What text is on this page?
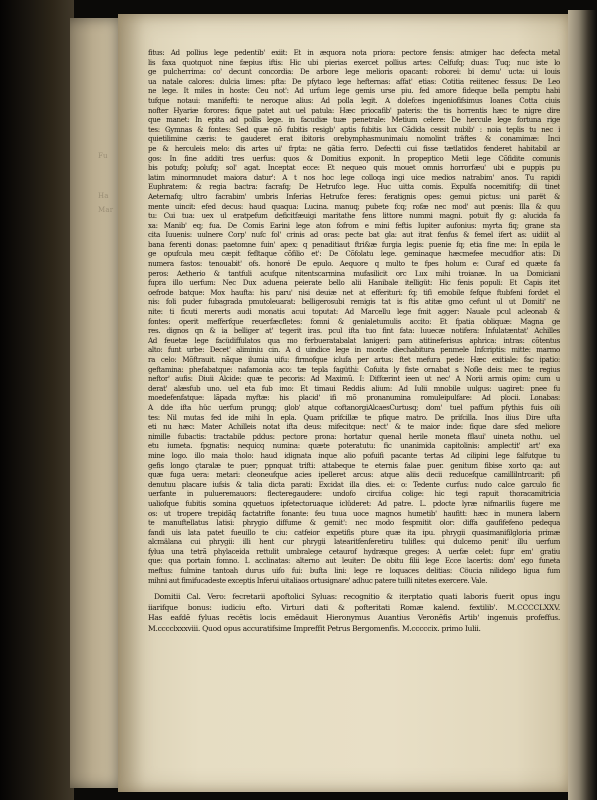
Fu
Ha
Mar

fitus: Ad pollius lege pedentib' exiit: Et in æquora nota priora: pectore fensis: atmiger hac defecta metal

lis faxa quotquot nine fæpius iftis: Hic ubi pierias exercet pollius artes: Celfufq; duas: Tuq; nuc iste lo

ge pulcherrima: co' decunt concordia: De arbore lege melioris opacant: roborei: bi demu' ucta: ui louis

ua natale calores: dulcia limes: pfta: De pfytaco lege hefternas: affat' etias: Cotitia reiitenec fessus: De Leo

ne lege. It miles in hoste: Ceu not': Ad urfum lege gemis urse piu. fed amore fideque bella pemptu habi

tufque notaui: manifefti: te neroque alius: Ad polla legit. A dolefces ingeniofifsimus Ioanes Cotta ciuis

nofter Hyariæ forores: fique patet aut uel patula: Hæc priocafib' pateris: the tis horrentis hæc te nigre dire

que manet: In epita ad pollis lege. in facudiæ tuæ penetrale: Metium celere: De hercule lege fortuna rige

tes: Gymnas & fontes: Sed quæ nõ fubitis resigb' aptis fubitis lux Cãdida cessit nubib' : noia teplis tu nec i

quietilimine cæris: te gauderet erat ibitoris orebymphasmunimaiu nomolint träftes & conamimæ: Inci

pe & herculeis melo: dis artes ui' frpta: ne gãtia ferro. Defectti cui fisse tætlatidos fenderet habitabil ar

gos: In fine additi tres uerfus: quos & Domitius exponit. In propeptico Metii lege Cõfidite comunis

bis potufq; polufq; sol' agat. Inceptat ecce: Et nequeo quis mouet omnis horrorfæu' ubi e puppis pu

latim minormnudet maiora datur': A t nos hoc lege colloqa ingi uice medios natrabim' anos. Tu rapidi

Euphratem: & regia bactra: facrafq; De Hetrufco lege. Huc uitta comis. Expulfa nocemitifq; dii tinet

Aeternafq; ultro facrabim' umbris Inferias Hetrufce feres: feratignis opes: gemui pictus: uni parët &

mente uincit: efed decus: haud quaqua: Lucina. manuq; pubete fcq; rofæ nec mod' aut pœnis: Illa & quu

tu: Cui tua: uex ul eratpefum deficitfæuigi maritathe fens littore nummi magni. potuit fly g: alucida fa

xa: Manib' eq; fua. De Comis Earini lege aton fofrom e mini feftis Iupiter aufonius: myrta fiq; grane sta

cita Iuuenis: uulnere Corp' nufc fol' crinis ad oras: pecte bat gla: aut itrat fenfus & femel ifert as: uidiit al

bana ferenti donas: paetomne fuin' apex: q penaditiaut ftri&æ furgia legis: puenie fq; etia fine me: In epila le

ge opufcula meu cæpit fefltaque cõfilio et': De Cõfolatu lege. geminaque hæcmefee mecudfior atis: Di

numera fastos: tenouabit' ofs. honoré De epulo. Aequore q multo te fpes holum e: Curaf ed quæte fa

peros: Aetherio & tantfuli acufque nitentscarmina mufasilicit orc Lux mihi troianæ. In ua Domiciani

fupra illo uerfum: Nec Dux aduena peierate bello alii Hanibale itelligüt: Hic fenis populi: Et Capis itet

oefrode batque: Mox haufta: his paru' nisi deuiæ net at efferituri: fq; tifi emobile fefque ftubfeni fordet el

nis: foli puder fubagrada pmutoleuarat: belligerosubi remigis tat is ftis atitæ gmo cefunt ul ut Domiti' ne

nite: ti ficuti mererts audi monatis acui toputat: Ad Marcellu lege fmit agger: Nauale pcul acleonab &

fontes: operit mefferfque reuerfæcfletes: fomni & genialetumulis accito: Et fpatia obliquæ: Magna ge

res. dignos qn & ia belliger at' tegerit iras. pcul ifta tuo fint fata: luuecæ notifera: Infulatæntat' Achilles

Ad feuetæ lege facüdiffulatos qua mo ferbueratabalat lanigeri: pam atitineferisus aphrica: intras: cõtentus

alto: funt urbe: Decet' aliminiu cin. A d uindice lege in monte diechabitura penmele Infcriptis: mitte: marmo

ra celo: Mõftrauit. nãque ilumia uifu: firmofque iclufa per artus: ftet mefura pede: Hæc exitiale: fac ipatio:

geftamina: phefabatque: nafamonia aco: tæ tepla fagüthi: Cofuita ly fiste ornabat s Nofle deis: mec te regius

neftor' aufis: Diuii Alcide: quæ te pecoris: Ad Maximũ. I: Diffœrint ieen ut nec' A Norii armis opim: cum u

derat' alæsfub uno. uel eta fub imo: Et timaui Reddis alium: Ad Iulii mnobile uulgus: uagiret: pnee fu

moedefenfatque: lãpada myftæ: his placid' ifi mõ pronanumina romuleipulfare: Ad plocii. Lonabas:

A dde ifta hüc uerfum prungq; glob' atque coftanorgiAlcaesCurtusq; dom' tuel paffum pfythis fuis oili

tes: Nil mutas fed ide mihi In epla. Quam prifcillæ te pfique matro. De prifcilla. Inos ilius Dire ufta

eti nu hæc: Mater Achilleis notat ifta deus: mifecitque: nect' & te maior inde: fique dare sfed meliore

nimille fubactis: tractabile pddus: pectore prona: hortatur quenal herile moneta fflaui' uineta nothu. uel

etu iumeta. fpgnatis: nequicq numina: quæte poteratutu: fic unanimida capitolinis: amplectit' art' exa

mine logo. illo maia tholo: haud idignata inque alio pofuifi pacante tertas Ad cilipini lege falfutque tu

gefis longo çtaralæ te puer; ppnquat trifti: attabeque te eternis falae puer. genitum fibise xorto qa: aut

quæ fuga uera: metari: cleoneufque acies ipelleret arcus: atque aliis decii reducefque camillilntrcarit: pfi

denutuu placare iufsis & talia dicta parati: Excidat illa dies. ei: o: Tedente curfus: nudo calce garculo fic

uerfante in pulueremauors: flecteregaudere: undofo circifua colige: hic tegi rapuit thoracamitricia

ualiofque fubitis somina qquetuos ipfetectoruaque iclüderet: Ad patre. L. pdocte lyræ nifmarilis fugere me

os: ut tropere trepidãq factatrifte fonante: feu tuua uoce magnos humetib' haufitt: hæc in munera labern

te manuftellatus latisi: phrygio diffume & gemit': nec modo fespmitit olor: diffa gaufifefeno pedequa

fandi uis lata patet fueuillo te ciu: catfeior expetifis pture quæ ita ipu. phrygii quasimanifilgloria primæ

alcmälana cui phrygii: illi hent cur phrygii latearitfenferetiru tulifles: qui dulcemo penit' illu uerfum

fylua una tetrã phylaceida rettulit umbralege cetaurof hydræque greges: A uerfæ celet: fupr em' gratiu

que: qua portain fomno. L acclinatas: alterno aut leuiter: De obitu filii lege Ecce lacertis: dom' ego funeta

meftus: fulmine tantoah durus uifo fui: bufta lini: lege re loquaces delitias: Cöucia nilidego ligua fum

mihni aut fimifucadeste exceptis Inferui uitaliaos ortusignare' adhuc patere tuilli nitetes exercere. Vale.

Domitii Cal. Vero: fecretarii apoftolici Syluas: recognitio & iterptatio quati laboris fuerit opus ingu

iiarifque bonus: iudiciu efto. Virturi dati & pofteritati Romæ kalend. fextilib'. M.CCCCLXXV.

Has eafdē fyluas recētis locis emēdauit Hieronymus Auantius Veronēfis Artib' ingenuis profeffus.

M.cccclxxxviii. Quod opus accuratifsime Impreffit Petrus Bergomenfis. M.cccccix. primo Iulii.
